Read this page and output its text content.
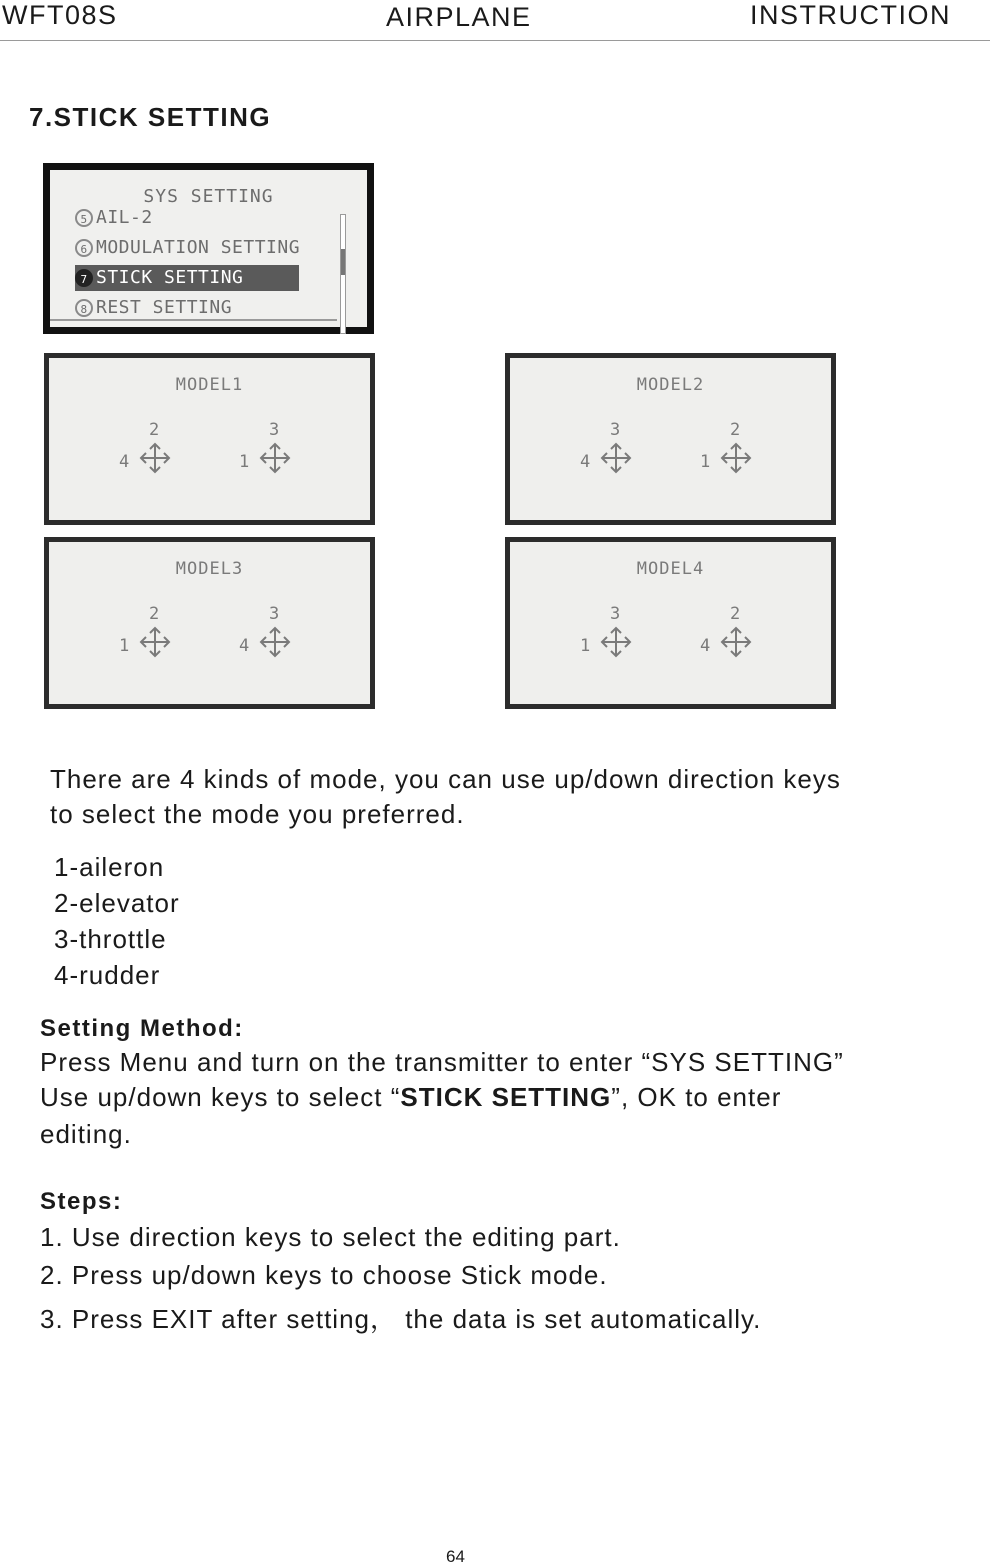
WFT08S	AIRPLANE	INSTRUCTION
7.STICK SETTING
SYS SETTING
5 AIL-2
6 MODULATION SETTING
7 STICK SETTING
8 REST SETTING
MODEL1
2
4
3
1
MODEL2
3
4
2
1
MODEL3
2
1
3
4
MODEL4
3
1
2
4
There are 4 kinds of mode, you can use up/down direction keys
to select the mode you preferred.
1-aileron
2-elevator
3-throttle
4-rudder
Setting Method:
Press Menu and turn on the transmitter to enter “SYS SETTING”
Use up/down keys to select “STICK SETTING”, OK to enter
editing.
Steps:
1. Use direction keys to select the editing part.
2. Press up/down keys to choose Stick mode.
3. Press EXIT after setting， the data is set automatically.
64
